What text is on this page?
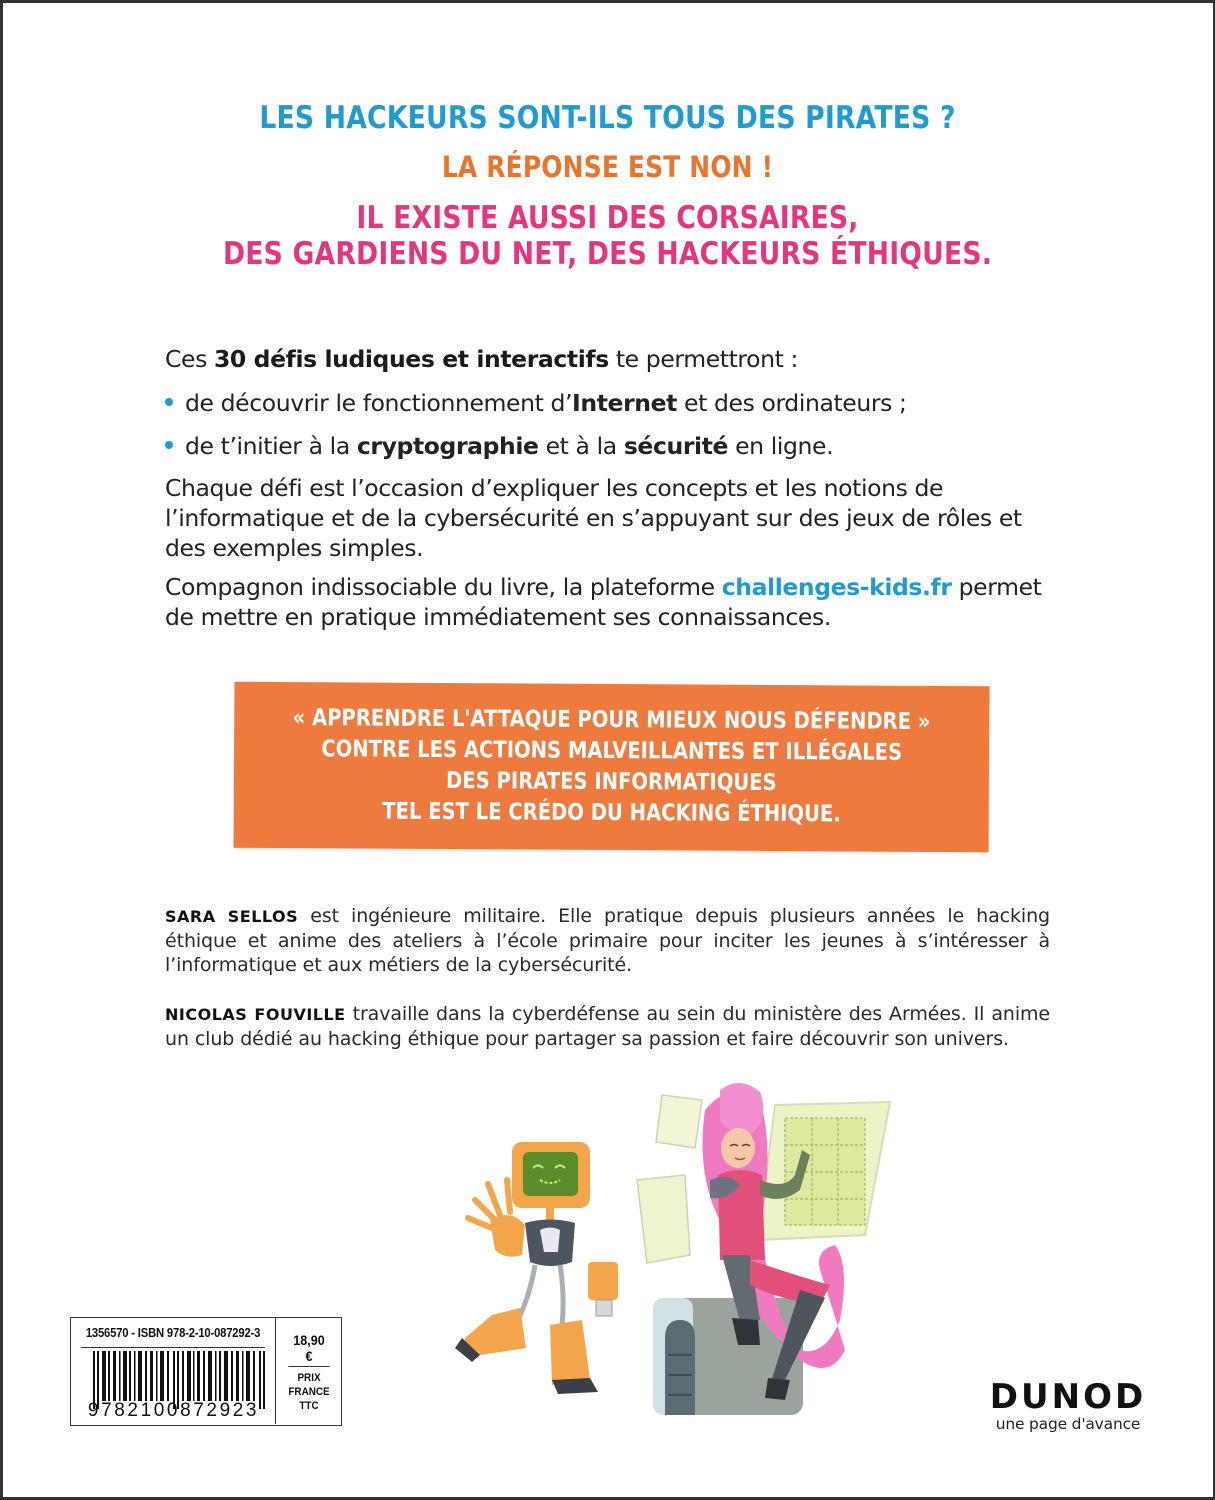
LES HACKEURS SONT-ILS TOUS DES PIRATES ?
LA RÉPONSE EST NON !
IL EXISTE AUSSI DES CORSAIRES,
DES GARDIENS DU NET, DES HACKEURS ÉTHIQUES.
Ces 30 défis ludiques et interactifs te permettront :
de découvrir le fonctionnement d’Internet et des ordinateurs ;
de t’initier à la cryptographie et à la sécurité en ligne.
Chaque défi est l’occasion d’expliquer les concepts et les notions de l’informatique et de la cybersécurité en s’appuyant sur des jeux de rôles et des exemples simples.
Compagnon indissociable du livre, la plateforme challenges-kids.fr permet de mettre en pratique immédiatement ses connaissances.
« APPRENDRE L'ATTAQUE POUR MIEUX NOUS DÉFENDRE »
CONTRE LES ACTIONS MALVEILLANTES ET ILLÉGALES
DES PIRATES INFORMATIQUES
TEL EST LE CRÉDO DU HACKING ÉTHIQUE.
SARA SELLOS est ingénieure militaire. Elle pratique depuis plusieurs années le hacking éthique et anime des ateliers à l’école primaire pour inciter les jeunes à s’intéresser à l’informatique et aux métiers de la cybersécurité.
NICOLAS FOUVILLE travaille dans la cyberdéfense au sein du ministère des Armées. Il anime un club dédié au hacking éthique pour partager sa passion et faire découvrir son univers.
1356570 - ISBN 978-2-10-087292-3
9782100872923
18,90 €
PRIX
FRANCE
TTC	DUNOD
une page d'avance
